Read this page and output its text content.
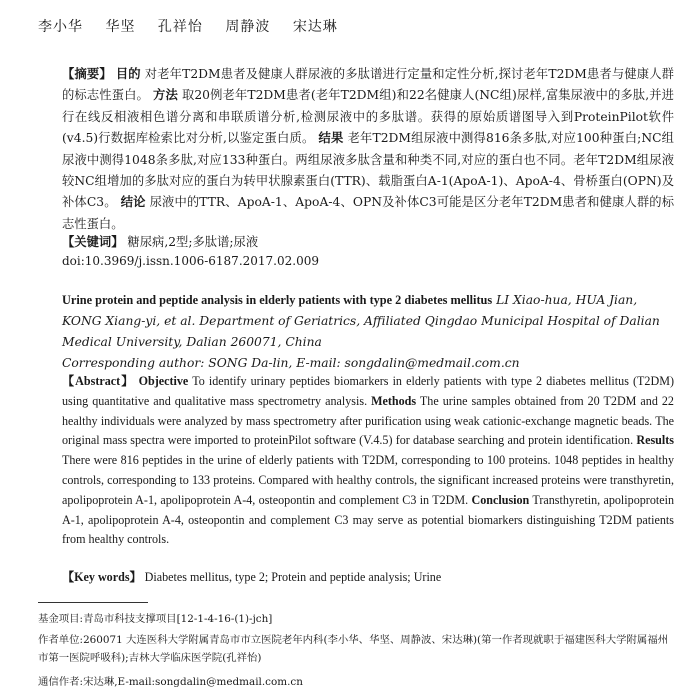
李小华 华坚 孔祥怡 周静波 宋达琳
【摘要】 目的 对老年T2DM患者及健康人群尿液的多肽谱进行定量和定性分析,探讨老年T2DM患者与健康人群的标志性蛋白。 方法 取20例老年T2DM患者(老年T2DM组)和22名健康人(NC组)尿样,富集尿液中的多肽,并进行在线反相液相色谱分离和串联质谱分析,检测尿液中的多肽谱。获得的原始质谱图导入到ProteinPilot软件(v4.5)行数据库检索比对分析,以鉴定蛋白质。 结果 老年T2DM组尿液中测得816条多肽,对应100种蛋白;NC组尿液中测得1048条多肽,对应133种蛋白。两组尿液多肽含量和种类不同,对应的蛋白也不同。老年T2DM组尿液较NC组增加的多肽对应的蛋白为转甲状腺素蛋白(TTR)、载脂蛋白A-1(ApoA-1)、ApoA-4、骨桥蛋白(OPN)及补体C3。 结论 尿液中的TTR、ApoA-1、ApoA-4、OPN及补体C3可能是区分老年T2DM患者和健康人群的标志性蛋白。
【关键词】 糖尿病,2型;多肽谱;尿液
doi:10.3969/j.issn.1006-6187.2017.02.009
Urine protein and peptide analysis in elderly patients with type 2 diabetes mellitus LI Xiao-hua, HUA Jian, KONG Xiang-yi, et al. Department of Geriatrics, Affiliated Qingdao Municipal Hospital of Dalian Medical University, Dalian 260071, China
Corresponding author: SONG Da-lin, E-mail: songdalin@medmail.com.cn
【Abstract】 Objective To identify urinary peptides biomarkers in elderly patients with type 2 diabetes mellitus (T2DM) using quantitative and qualitative mass spectrometry analysis. Methods The urine samples obtained from 20 T2DM and 22 healthy individuals were analyzed by mass spectrometry after purification using weak cationic-exchange magnetic beads. The original mass spectra were imported to proteinPilot software (V.4.5) for database searching and protein identification. Results There were 816 peptides in the urine of elderly patients with T2DM, corresponding to 100 proteins. 1048 peptides in healthy controls, corresponding to 133 proteins. Compared with healthy controls, the significant increased proteins were transthyretin, apolipoprotein A-1, apolipoprotein A-4, osteopontin and complement C3 in T2DM. Conclusion Transthyretin, apolipoprotein A-1, apolipoprotein A-4, osteopontin and complement C3 may serve as potential biomarkers distinguishing T2DM patients from healthy controls.
【Key words】 Diabetes mellitus, type 2; Protein and peptide analysis; Urine
基金项目:青岛市科技支撑项目[12-1-4-16-(1)-jch]
作者单位:260071 大连医科大学附属青岛市市立医院老年内科(李小华、华坚、周静波、宋达琳)(第一作者现就职于福建医科大学附属福州市第一医院呼吸科);吉林大学临床医学院(孔祥怡)
通信作者:宋达琳,E-mail:songdalin@medmail.com.cn
